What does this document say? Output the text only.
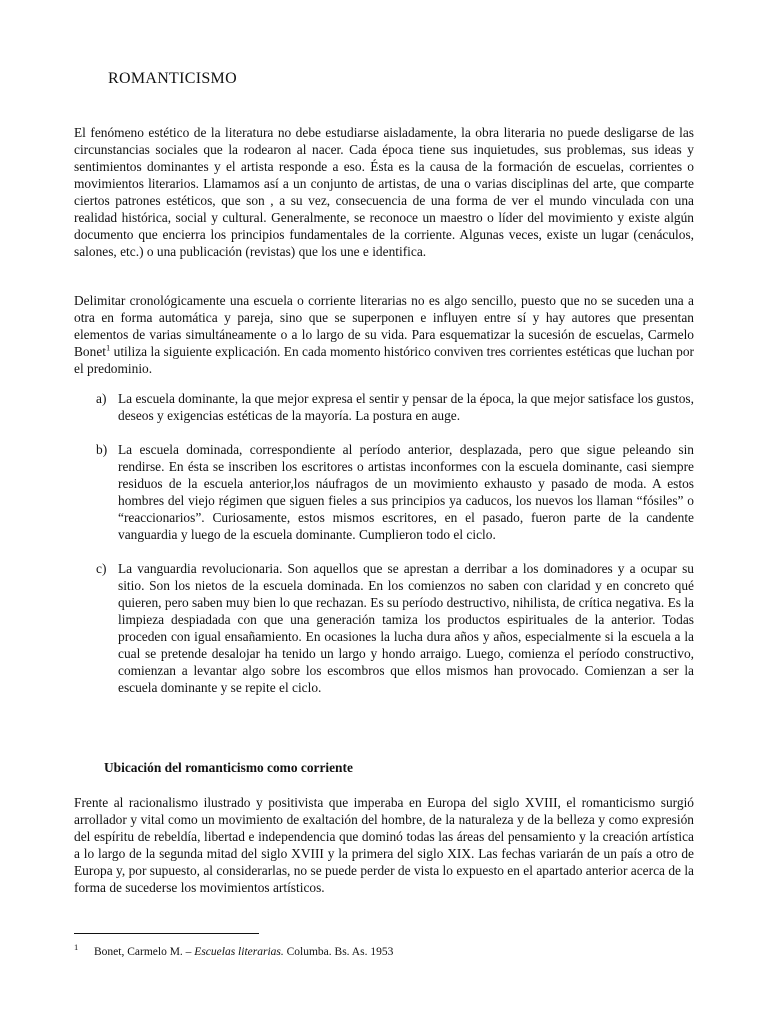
ROMANTICISMO

El fenómeno estético de la literatura no debe estudiarse aisladamente, la obra literaria no puede desligarse de las circunstancias sociales que la rodearon al nacer. Cada época tiene sus inquietudes, sus problemas, sus ideas y sentimientos dominantes y el artista responde a eso. Ésta es la causa de la formación de escuelas, corrientes o movimientos literarios. Llamamos así a un conjunto de artistas, de una o varias disciplinas del arte, que comparte ciertos patrones estéticos, que son , a su vez, consecuencia de una forma de ver el mundo vinculada con una realidad histórica, social y cultural. Generalmente, se reconoce un maestro o líder del movimiento y existe algún documento que encierra los principios fundamentales de la corriente. Algunas veces, existe un lugar (cenáculos, salones, etc.) o una publicación (revistas) que los une e identifica.

Delimitar cronológicamente una escuela o corriente literarias no es algo sencillo, puesto que no se suceden una a otra en forma automática y pareja, sino que se superponen e influyen entre sí y hay autores que presentan elementos de varias simultáneamente o a lo largo de su vida. Para esquematizar la sucesión de escuelas, Carmelo Bonet$^1$ utiliza la siguiente explicación. En cada momento histórico conviven tres corrientes estéticas que luchan por el predominio.

a) La escuela dominante, la que mejor expresa el sentir y pensar de la época, la que mejor satisface los gustos, deseos y exigencias estéticas de la mayoría. La postura en auge.
b) La escuela dominada, correspondiente al período anterior, desplazada, pero que sigue peleando sin rendirse. En ésta se inscriben los escritores o artistas inconformes con la escuela dominante, casi siempre residuos de la escuela anterior,los náufragos de un movimiento exhausto y pasado de moda. A estos hombres del viejo régimen que siguen fieles a sus principios ya caducos, los nuevos los llaman “fósiles” o “reaccionarios”. Curiosamente, estos mismos escritores, en el pasado, fueron parte de la candente vanguardia y luego de la escuela dominante. Cumplieron todo el ciclo.
c) La vanguardia revolucionaria. Son aquellos que se aprestan a derribar a los dominadores y a ocupar su sitio. Son los nietos de la escuela dominada. En los comienzos no saben con claridad y en concreto qué quieren, pero saben muy bien lo que rechazan. Es su período destructivo, nihilista, de crítica negativa. Es la limpieza despiadada con que una generación tamiza los productos espirituales de la anterior. Todas proceden con igual ensañamiento. En ocasiones la lucha dura años y años, especialmente si la escuela a la cual se pretende desalojar ha tenido un largo y hondo arraigo. Luego, comienza el período constructivo, comienzan a levantar algo sobre los escombros que ellos mismos han provocado. Comienzan a ser la escuela dominante y se repite el ciclo.
Ubicación del romanticismo como corriente

Frente al racionalismo ilustrado y positivista que imperaba en Europa del siglo XVIII, el romanticismo surgió arrollador y vital como un movimiento de exaltación del hombre, de la naturaleza y de la belleza y como expresión del espíritu de rebeldía, libertad e independencia que dominó todas las áreas del pensamiento y la creación artística a lo largo de la segunda mitad del siglo XVIII y la primera del siglo XIX. Las fechas variarán de un país a otro de Europa y, por supuesto, al considerarlas, no se puede perder de vista lo expuesto en el apartado anterior acerca de la forma de sucederse los movimientos artísticos.

1 Bonet, Carmelo M. – Escuelas literarias. Columba. Bs. As. 1953
